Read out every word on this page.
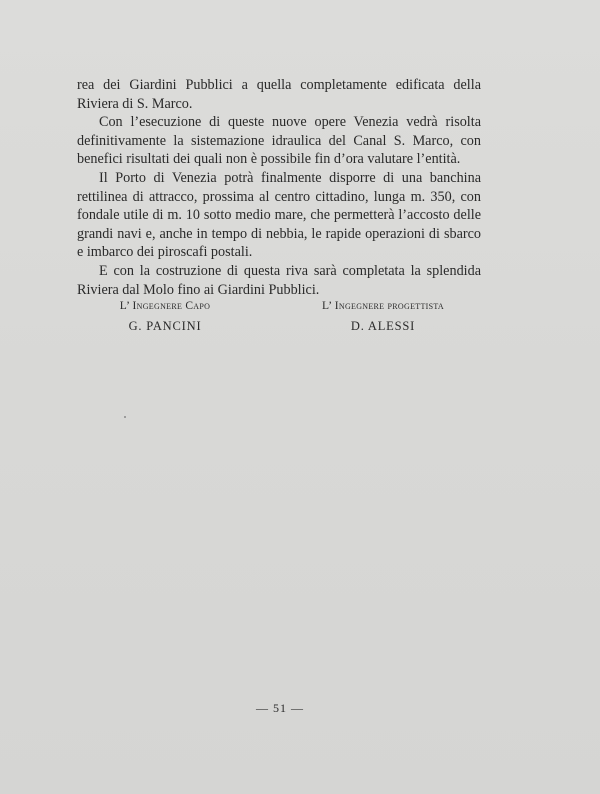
rea dei Giardini Pubblici a quella completamente edificata della Riviera di S. Marco.

Con l’esecuzione di queste nuove opere Venezia vedrà risolta definitivamente la sistemazione idraulica del Canal S. Marco, con benefici risultati dei quali non è possibile fin d’ora valutare l’entità.

Il Porto di Venezia potrà finalmente disporre di una banchina rettilinea di attracco, prossima al centro cittadino, lunga m. 350, con fondale utile di m. 10 sotto medio mare, che permetterà l’accosto delle grandi navi e, anche in tempo di nebbia, le rapide operazioni di sbarco e imbarco dei piroscafi postali.

E con la costruzione di questa riva sarà completata la splendida Riviera dal Molo fino ai Giardini Pubblici.

L’ Ingegnere Capo
G. PANCINI
L’ Ingegnere progettista
D. ALESSI
— 51 —
